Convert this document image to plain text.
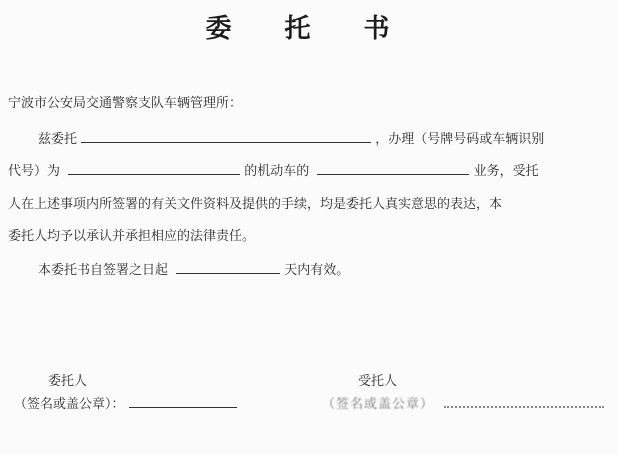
委 托 书
宁波市公安局交通警察支队车辆管理所：
兹委托	，办理（号牌号码或车辆识别
代号）为	的机动车的	业务，受托
人在上述事项内所签署的有关文件资料及提供的手续，均是委托人真实意思的表达，本
委托人均予以承认并承担相应的法律责任。
本委托书自签署之日起	天内有效。
委托人
（签名或盖公章）：
受托人
（签名或盖公章）
